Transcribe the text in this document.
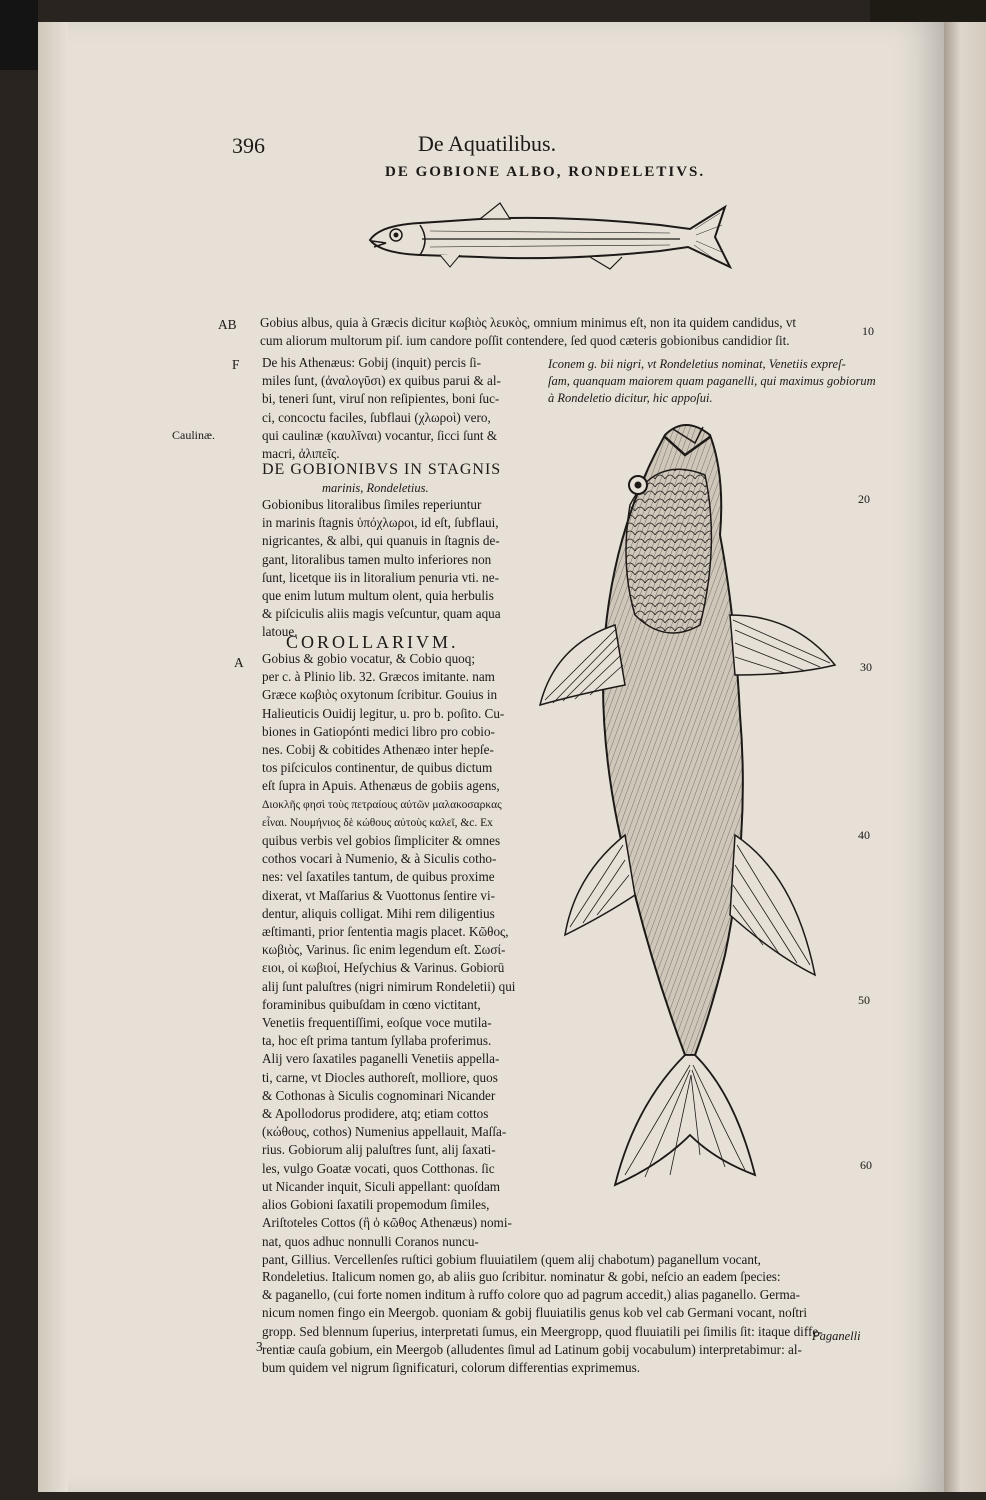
396	De Aquatilibus.
DE GOBIONE ALBO, RONDELETIVS.
AB Gobius albus, quia à Græcis dicitur κωβιὸς λευκὸς, omnium minimus eſt, non ita quidem candidus, vt
cum aliorum multorum piſ. ium candore poſſit contendere, ſed quod cæteris gobionibus candidior ſit.
10
F De his Athenæus: Gobij (inquit) percis ſi-
miles ſunt, (ἀναλογῦσι) ex quibus parui & al-
bi, teneri ſunt, viruſ non reſipientes, boni ſuc-
ci, concoctu faciles, ſubflaui (χλωροὶ) vero,
qui caulinæ (καυλῖναι) vocantur, ſicci ſunt &
macri, ἀλιπεῖς.
Caulinæ.
Iconem g. bii nigri, vt Rondeletius nominat, Venetiis expreſ-
ſam, quanquam maiorem quam paganelli, qui maximus gobiorum
à Rondeletio dicitur, hic appoſui.
DE GOBIONIBVS IN STAGNIS
marinis, Rondeletius.
Gobionibus litoralibus ſimiles reperiuntur
in marinis ſtagnis ὑπόχλωροι, id eſt, ſubflaui,
nigricantes, & albi, qui quanuis in ſtagnis de-
gant, litoralibus tamen multo inferiores non
ſunt, licetque iis in litoralium penuria vti. ne-
que enim lutum multum olent, quia herbulis
& piſciculis aliis magis veſcuntur, quam aqua
latoue.
20
COROLLARIVM.
A Gobius & gobio vocatur, & Cobio quoq;
per c. à Plinio lib. 32. Græcos imitante. nam
Græce κωβιὸς oxytonum ſcribitur. Gouius in
Halieuticis Ouidij legitur, u. pro b. poſito. Cu-
biones in Gatiopónti medici libro pro cobio-
nes. Cobij & cobitides Athenæo inter hepſe-
tos piſciculos continentur, de quibus dictum
eſt ſupra in Apuis. Athenæus de gobiis agens,
Διοκλῆς φησὶ τοὺς πετραίους αὐτῶν μαλακοσαρκας
εἶναι. Νουμήνιος δὲ κώθους αὐτοὺς καλεῖ, &c. Ex
quibus verbis vel gobios ſimpliciter & omnes
cothos vocari à Numenio, & à Siculis cotho-
nes: vel ſaxatiles tantum, de quibus proxime
dixerat, vt Maſſarius & Vuottonus ſentire vi-
dentur, aliquis colligat. Mihi rem diligentius
æſtimanti, prior ſententia magis placet. Κῶθος,
κωβιὸς, Varinus. ſic enim legendum eſt. Σωσί-
ειοι, οἱ κωβιοί, Heſychius & Varinus. Gobiorū
alij ſunt paluſtres (nigri nimirum Rondeletii) qui
foraminibus quibuſdam in cœno victitant,
Venetiis frequentiſſimi, eoſque voce mutila-
ta, hoc eſt prima tantum ſyllaba proferimus.
Alij vero ſaxatiles paganelli Venetiis appella-
ti, carne, vt Diocles authoreſt, molliore, quos
& Cothonas à Siculis cognominari Nicander
& Apollodorus prodidere, atq; etiam cottos
(κώθους, cothos) Numenius appellauit, Maſſa-
rius. Gobiorum alij paluſtres ſunt, alij ſaxati-
les, vulgo Goatæ vocati, quos Cotthonas. ſic
ut Nicander inquit, Siculi appellant: quoſdam
alios Gobioni ſaxatili propemodum ſimiles,
Ariſtoteles Cottos (ἢ ὁ κῶθος Athenæus) nomi-
nat, quos adhuc nonnulli Coranos nuncu-
pant, Gillius. Vercellenſes ruſtici gobium fluuiatilem (quem alij chabotum) paganellum vocant,
Rondeletius. Italicum nomen go, ab aliis guo ſcribitur. nominatur & gobi, neſcio an eadem ſpecies:
& paganello, (cui forte nomen inditum à ruffo colore quo ad pagrum accedit,) alias paganello. Germa-
nicum nomen fingo ein Meergob. quoniam & gobij fluuiatilis genus kob vel cab Germani vocant, noſtri
gropp. Sed blennum ſuperius, interpretati ſumus, ein Meergropp, quod fluuiatili pei ſimilis ſit: itaque diffe-
rentiæ cauſa gobium, ein Meergob (alludentes ſimul ad Latinum gobij vocabulum) interpretabimur: al-
bum quidem vel nigrum ſignificaturi, colorum differentias exprimemus.
30
40
50
60
3
Paganelli
